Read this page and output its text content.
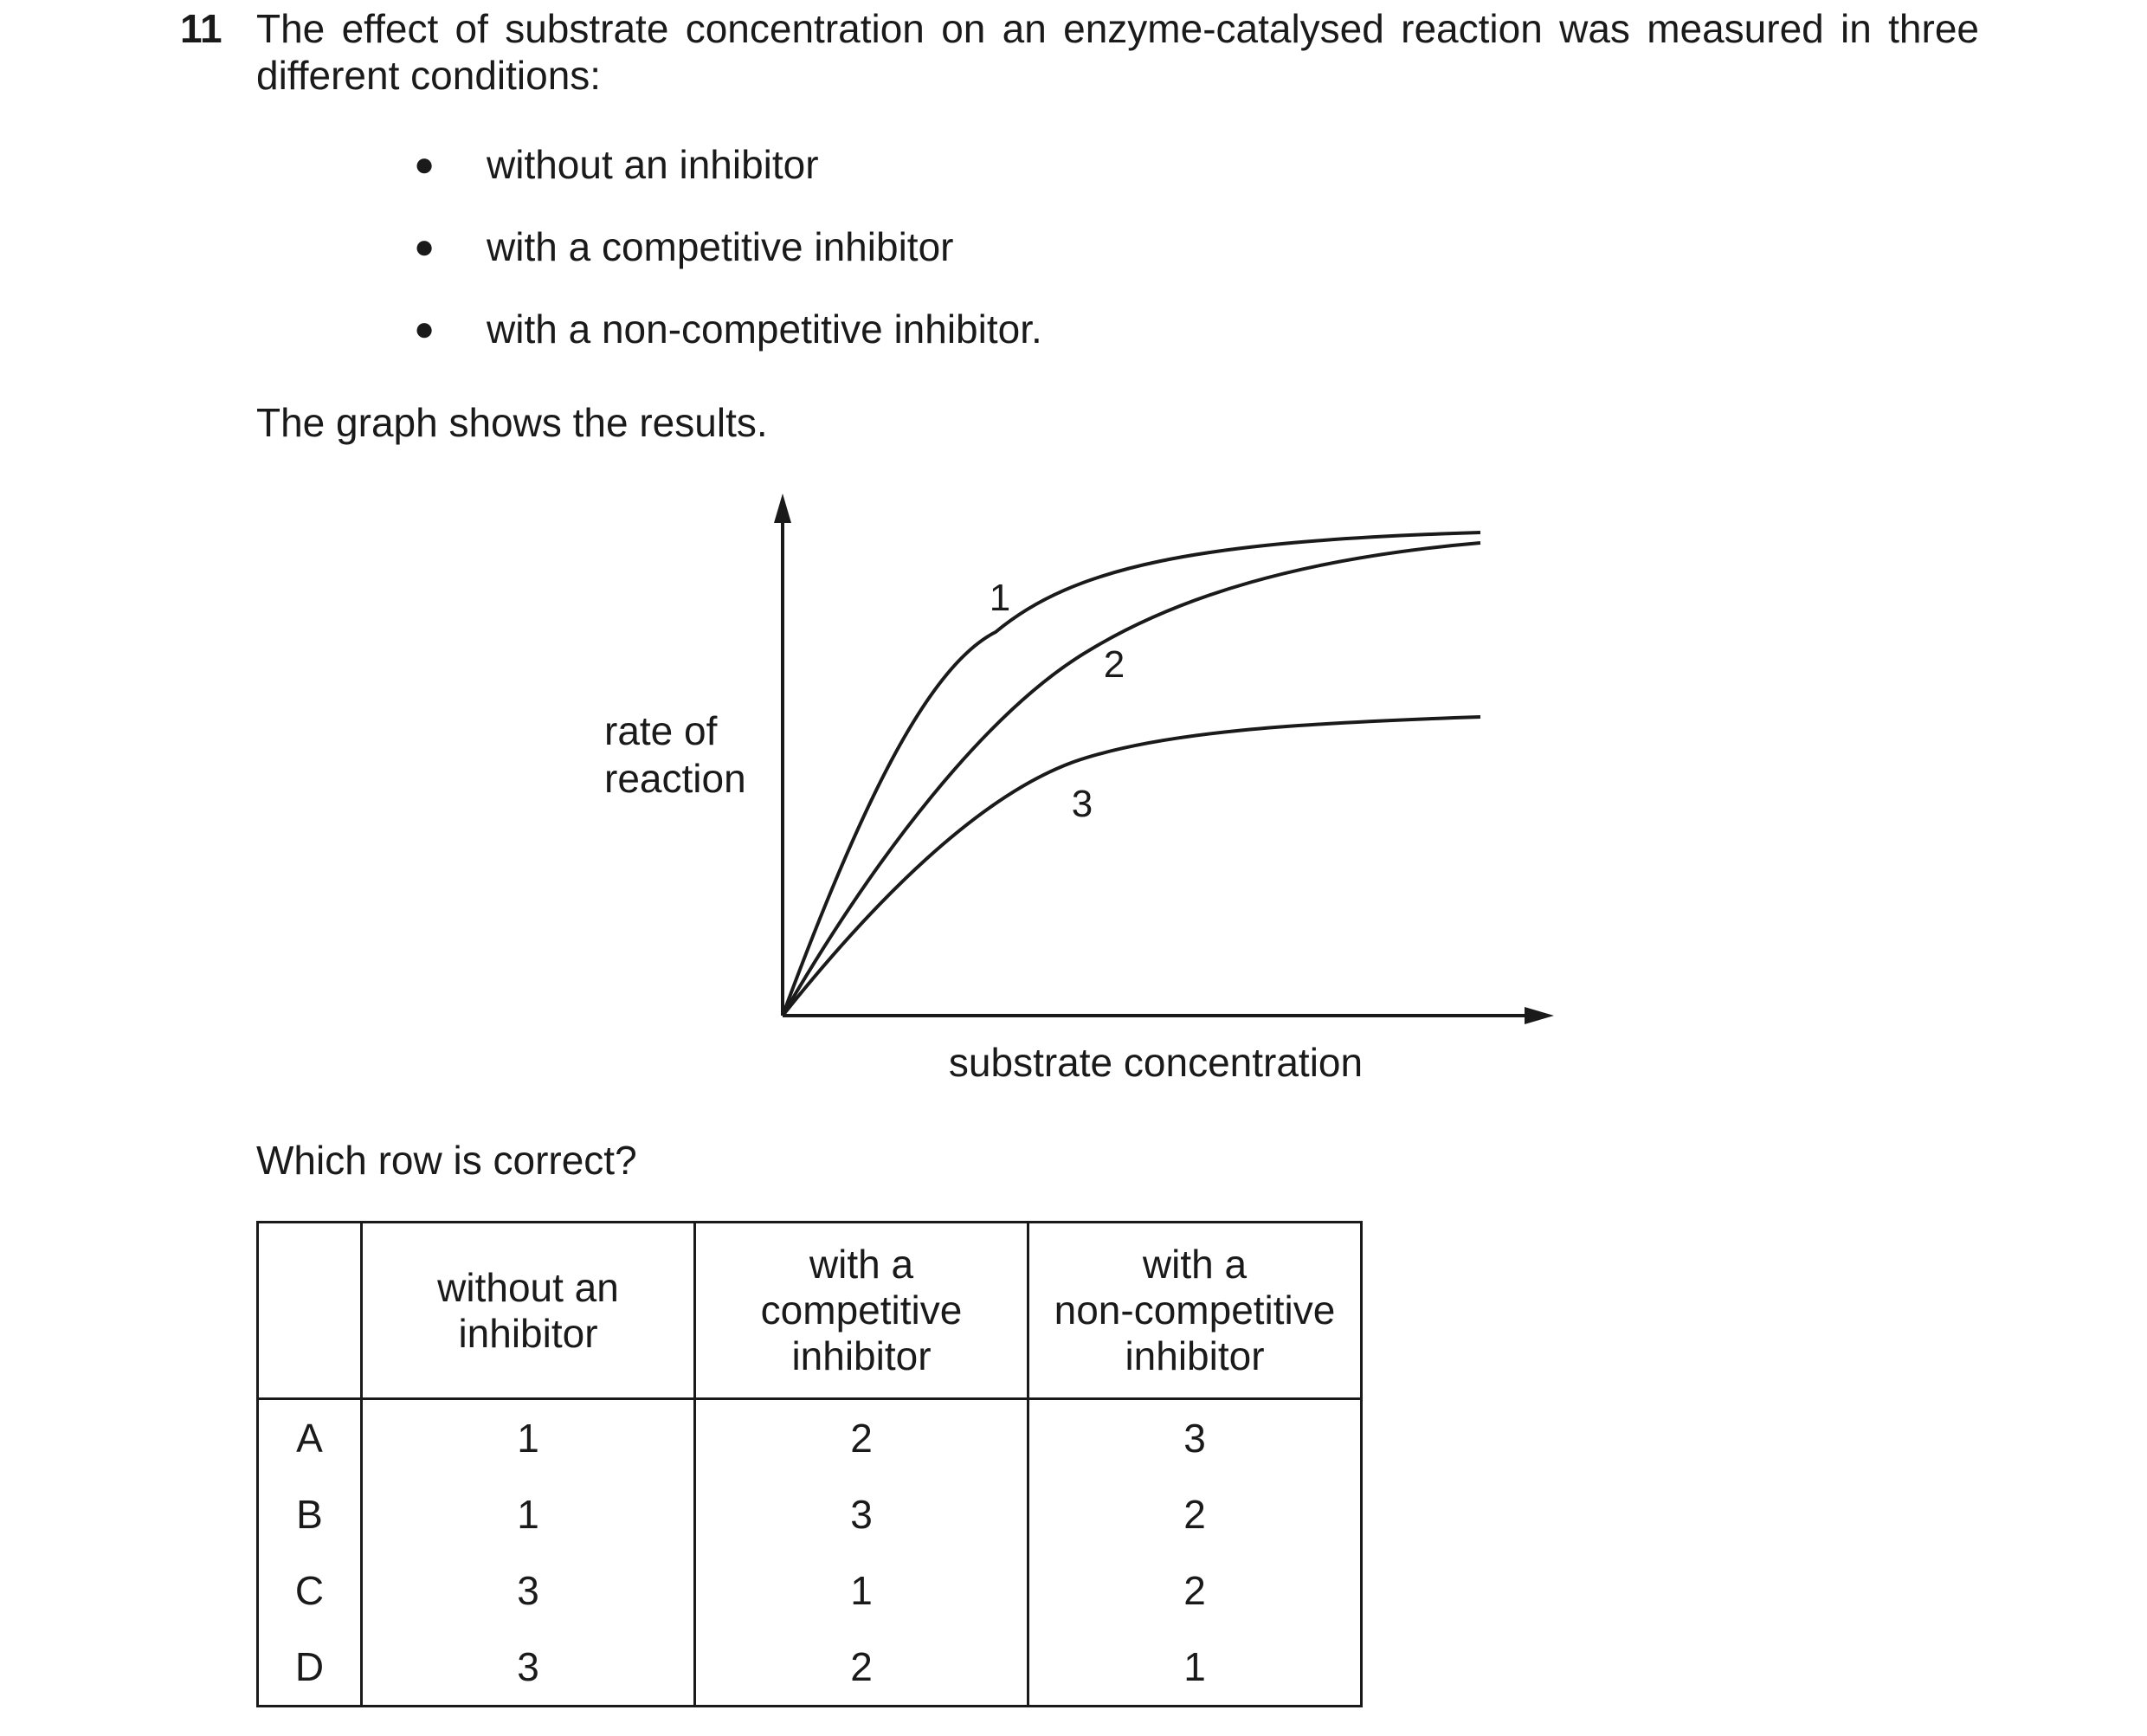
11 The effect of substrate concentration on an enzyme-catalysed reaction was measured in three different conditions:
● without an inhibitor
● with a competitive inhibitor
● with a non-competitive inhibitor.
The graph shows the results.
1
2
3
rate of
reaction
substrate concentration
Which row is correct?
	without an
inhibitor	with a
competitive
inhibitor	with a
non-competitive
inhibitor
A	1	2	3
B	1	3	2
C	3	1	2
D	3	2	1
